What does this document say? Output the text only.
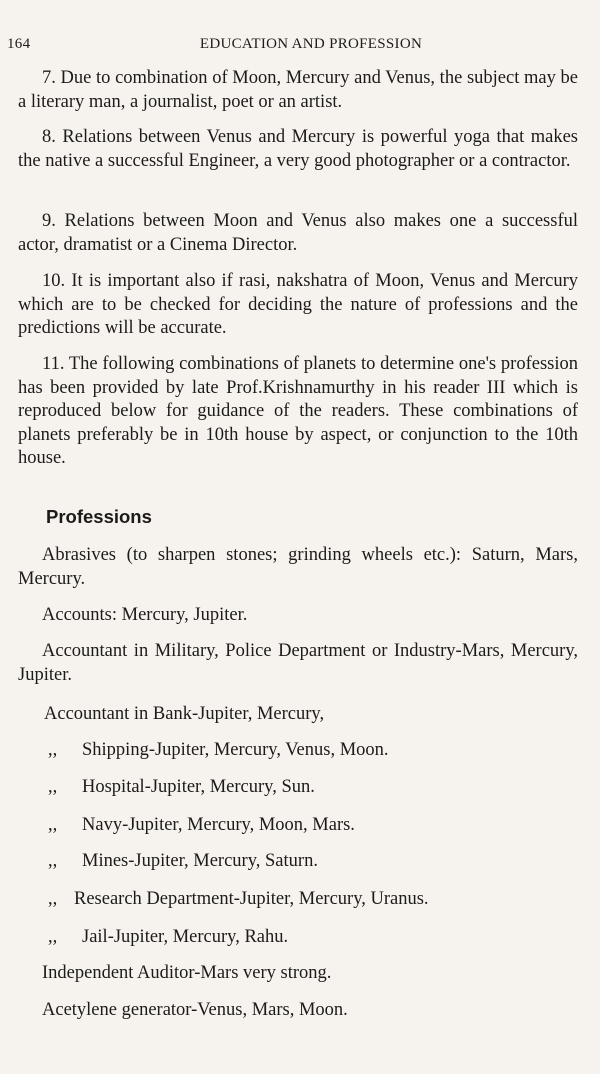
164	EDUCATION AND PROFESSION

7. Due to combination of Moon, Mercury and Venus, the subject may be a literary man, a journalist, poet or an artist.

8. Relations between Venus and Mercury is powerful yoga that makes the native a successful Engineer, a very good photographer or a contractor.

9. Relations between Moon and Venus also makes one a successful actor, dramatist or a Cinema Director.

10. It is important also if rasi, nakshatra of Moon, Venus and Mercury which are to be checked for deciding the nature of professions and the predictions will be accurate.

11. The following combinations of planets to determine one's profession has been provided by late Prof.Krishnamurthy in his reader III which is reproduced below for guidance of the readers. These combinations of planets preferably be in 10th house by aspect, or conjunction to the 10th house.

Professions

Abrasives (to sharpen stones; grinding wheels etc.): Saturn, Mars, Mercury.

Accounts: Mercury, Jupiter.

Accountant in Military, Police Department or Industry-Mars, Mercury, Jupiter.

Accountant in Bank-Jupiter, Mercury,
,, Shipping-Jupiter, Mercury, Venus, Moon.
,, Hospital-Jupiter, Mercury, Sun.
,, Navy-Jupiter, Mercury, Moon, Mars.
,, Mines-Jupiter, Mercury, Saturn.
,, Research Department-Jupiter, Mercury, Uranus.
,, Jail-Jupiter, Mercury, Rahu.
Independent Auditor-Mars very strong.
Acetylene generator-Venus, Mars, Moon.
